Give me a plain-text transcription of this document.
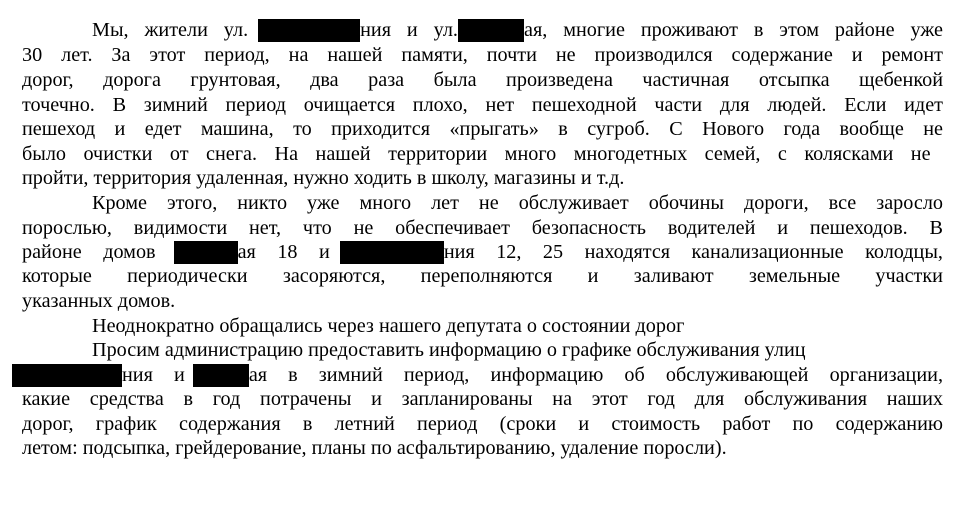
Мы, жители ул.	ния и ул.	ая, многие проживают в этом районе уже
30 лет. За этот период, на нашей памяти, почти не производился содержание и ремонт
дорог, дорога грунтовая, два раза была произведена частичная отсыпка щебенкой
точечно. В зимний период очищается плохо, нет пешеходной части для людей. Если идет
пешеход и едет машина, то приходится «прыгать» в сугроб. С Нового года вообще не
было очистки от снега. На нашей территории много многодетных семей, с колясками не
пройти, территория удаленная, нужно ходить в школу, магазины и т.д.
Кроме этого, никто уже много лет не обслуживает обочины дороги, все заросло
порослью, видимости нет, что не обеспечивает безопасность водителей и пешеходов. В
районе домов	ая 18 и	ния 12, 25 находятся канализационные колодцы,
которые периодически засоряются, переполняются и заливают земельные участки
указанных домов.
Неоднократно обращались через нашего депутата о состоянии дорог
Просим администрацию предоставить информацию о графике обслуживания улиц
ния и	ая в зимний период, информацию об обслуживающей организации,
какие средства в год потрачены и запланированы на этот год для обслуживания наших
дорог, график содержания в летний период (сроки и стоимость работ по содержанию
летом: подсыпка, грейдерование, планы по асфальтированию, удаление поросли).
